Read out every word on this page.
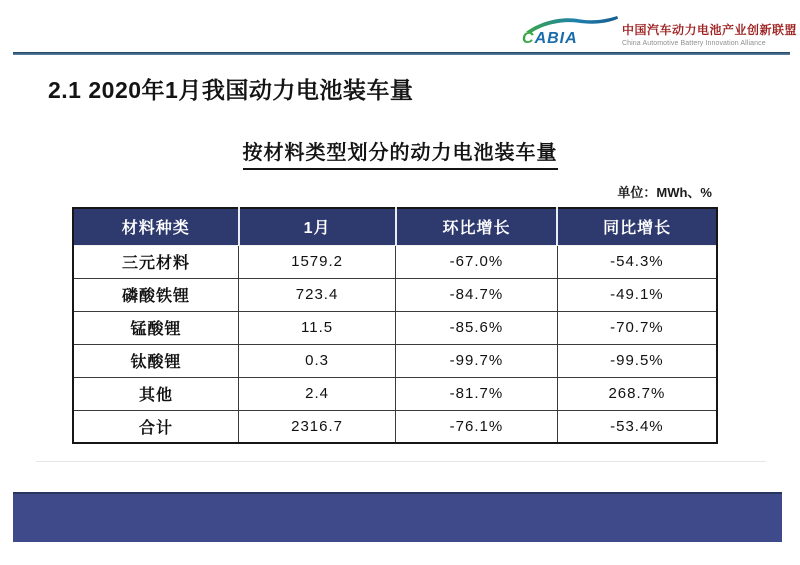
CABIA	中国汽车动力电池产业创新联盟
China Automotive Battery Innovation Alliance
2.1 2020年1月我国动力电池装车量
按材料类型划分的动力电池装车量
单位：MWh、%
材料种类	1月	环比增长	同比增长
三元材料	1579.2	-67.0%	-54.3%
磷酸铁锂	723.4	-84.7%	-49.1%
锰酸锂	11.5	-85.6%	-70.7%
钛酸锂	0.3	-99.7%	-99.5%
其他	2.4	-81.7%	268.7%
合计	2316.7	-76.1%	-53.4%
